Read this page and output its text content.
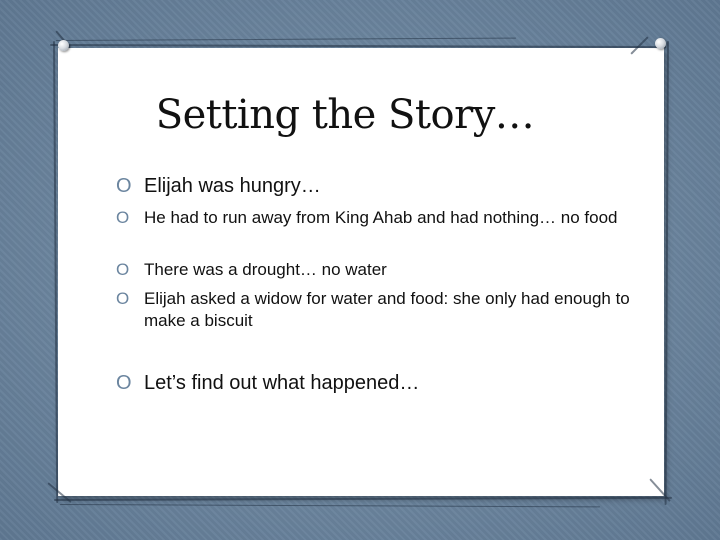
Setting the Story…
O Elijah was hungry…
O He had to run away from King Ahab and had nothing… no food
O There was a drought… no water
O Elijah asked a widow for water and food: she only had enough to make a biscuit
O Let’s find out what happened…
